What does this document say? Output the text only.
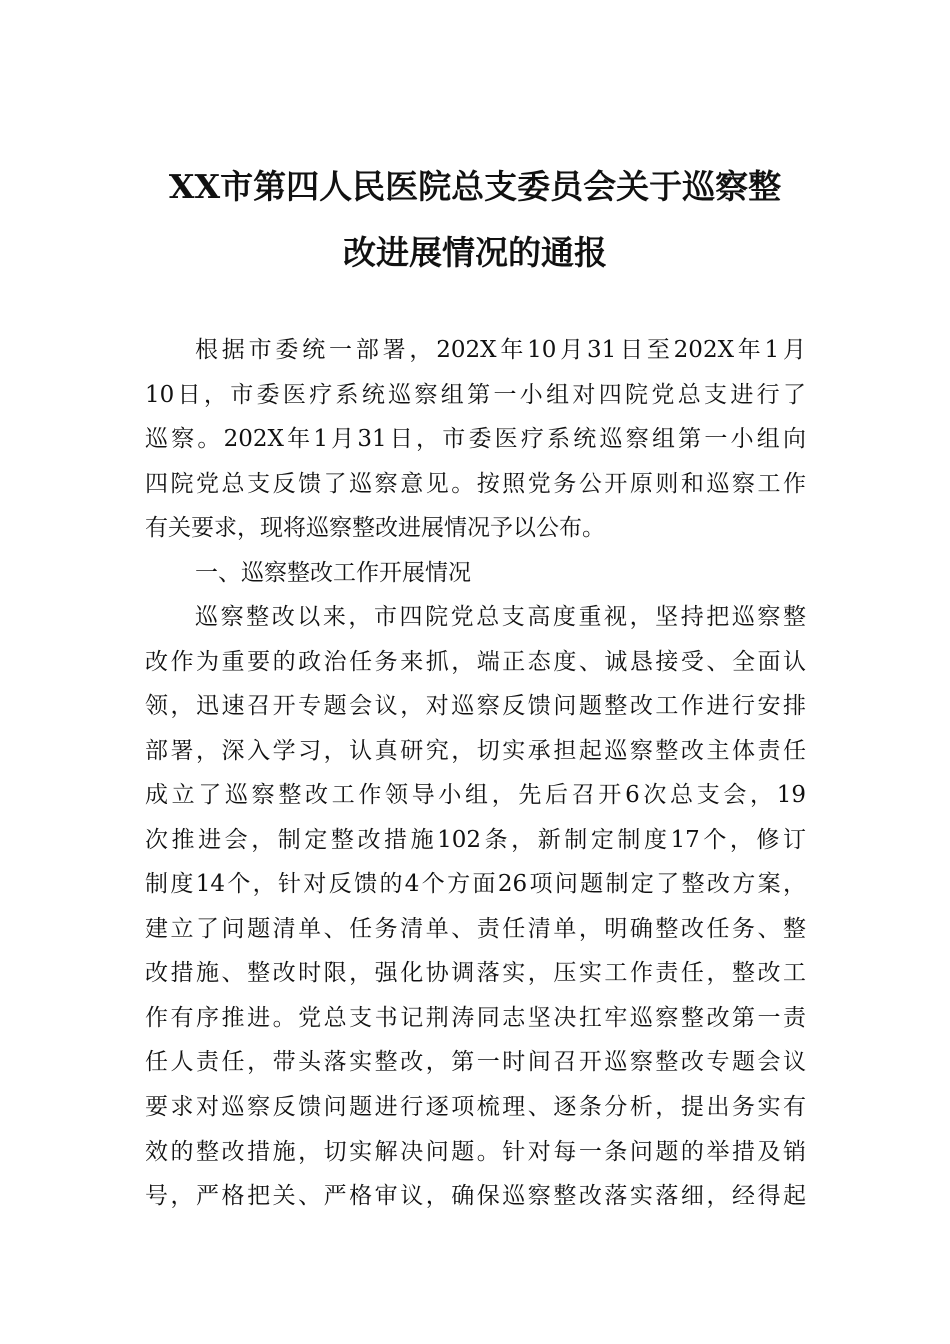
XX市第四人民医院总支委员会关于巡察整
改进展情况的通报
根据市委统一部署，202X年10月31日至202X年1月
10日，市委医疗系统巡察组第一小组对四院党总支进行了
巡察。202X年1月31日，市委医疗系统巡察组第一小组向
四院党总支反馈了巡察意见。按照党务公开原则和巡察工作
有关要求，现将巡察整改进展情况予以公布。
一、巡察整改工作开展情况
巡察整改以来，市四院党总支高度重视，坚持把巡察整
改作为重要的政治任务来抓，端正态度、诚恳接受、全面认
领，迅速召开专题会议，对巡察反馈问题整改工作进行安排
部署，深入学习，认真研究，切实承担起巡察整改主体责任
成立了巡察整改工作领导小组，先后召开6次总支会，19
次推进会，制定整改措施102条，新制定制度17个，修订
制度14个，针对反馈的4个方面26项问题制定了整改方案，
建立了问题清单、任务清单、责任清单，明确整改任务、整
改措施、整改时限，强化协调落实，压实工作责任，整改工
作有序推进。党总支书记荆涛同志坚决扛牢巡察整改第一责
任人责任，带头落实整改，第一时间召开巡察整改专题会议
要求对巡察反馈问题进行逐项梳理、逐条分析，提出务实有
效的整改措施，切实解决问题。针对每一条问题的举措及销
号，严格把关、严格审议，确保巡察整改落实落细，经得起
